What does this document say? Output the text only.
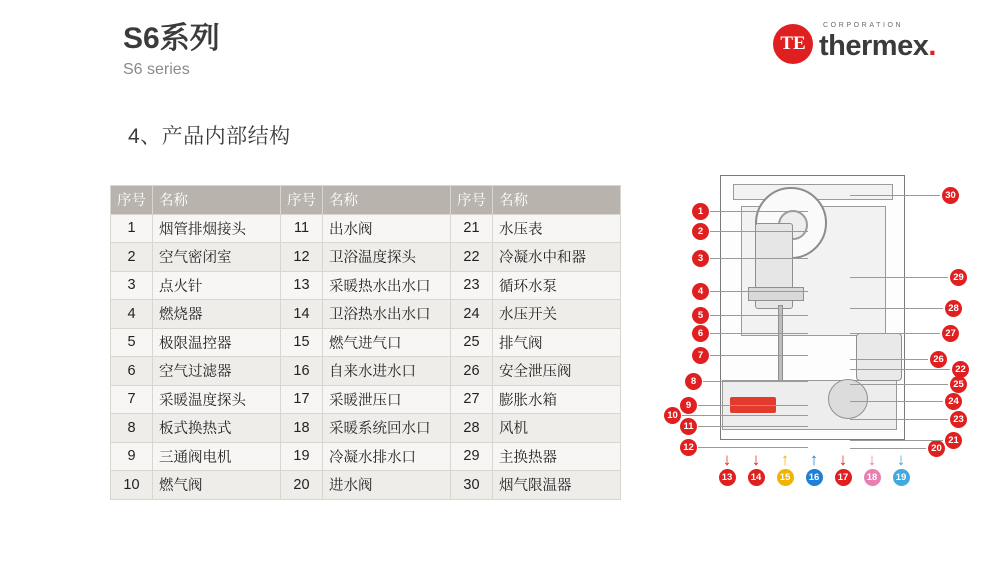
S6系列
S6 series
4、产品内部结构
TE
CORPORATION
thermex.
序号	名称	序号	名称	序号	名称
1	烟管排烟接头	11	出水阀	21	水压表
2	空气密闭室	12	卫浴温度探头	22	冷凝水中和器
3	点火针	13	采暖热水出水口	23	循环水泵
4	燃烧器	14	卫浴热水出水口	24	水压开关
5	极限温控器	15	燃气进气口	25	排气阀
6	空气过滤器	16	自来水进水口	26	安全泄压阀
7	采暖温度探头	17	采暖泄压口	27	膨胀水箱
8	板式换热式	18	采暖系统回水口	28	风机
9	三通阀电机	19	冷凝水排水口	29	主换热器
10	燃气阀	20	进水阀	30	烟气限温器
1
2
3
4
5
6
7
8
9
10
11
12	20
21
23
24
25
22
26
27
28
29
30
↓
13
↓
14
↑
15
↑
16
↓
17
↓
18
↓
19
